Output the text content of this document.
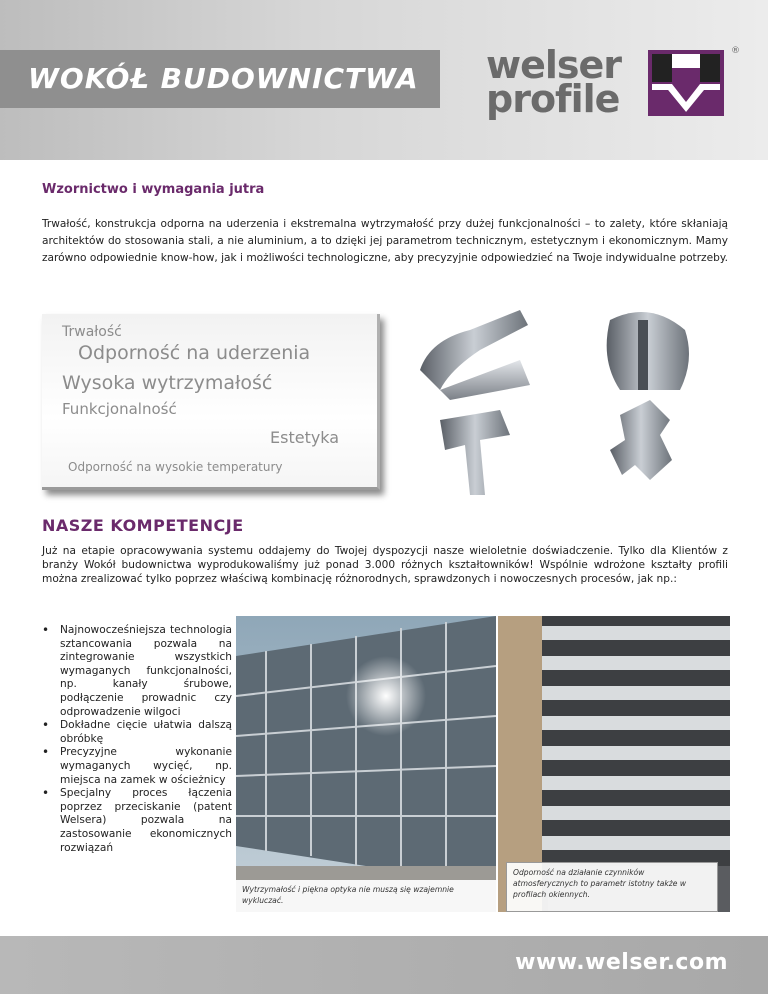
WOKÓŁ BUDOWNICTWA welser
profile
®
Wzornictwo i wymagania jutra

Trwałość, konstrukcja odporna na uderzenia i ekstremalna wytrzymałość przy dużej funkcjonalności – to zalety, które skłaniają architektów do stosowania stali, a nie aluminium, a to dzięki jej parametrom technicznym, estetycznym i ekonomicznym. Mamy zarówno odpowiednie know-how, jak i możliwości technologiczne, aby precyzyjnie odpowiedzieć na Twoje indywidualne potrzeby.

Trwałość
Odporność na uderzenia
Wysoka wytrzymałość
Funkcjonalność
Estetyka
Odporność na wysokie temperatury
NASZE KOMPETENCJE

Już na etapie opracowywania systemu oddajemy do Twojej dyspozycji nasze wieloletnie doświadczenie. Tylko dla Klientów z branży Wokół budownictwa wyprodukowaliśmy już ponad 3.000 różnych kształtowników! Wspólnie wdrożone kształty profili można zrealizować tylko poprzez właściwą kombinację różnorodnych, sprawdzonych i nowoczesnych procesów, jak np.:

• Najnowocześniejsza technologia sztancowania pozwala na zintegrowanie wszystkich wymaganych funkcjonalności, np. kanały śrubowe, podłączenie prowadnic czy odprowadzenie wilgoci
• Dokładne cięcie ułatwia dalszą obróbkę
• Precyzyjne wykonanie wymaganych wycięć, np. miejsca na zamek w ościeżnicy
• Specjalny proces łączenia poprzez przeciskanie (patent Welsera) pozwala na zastosowanie ekonomicznych rozwiązań
Wytrzymałość i piękna optyka nie muszą się wzajemnie wykluczać.
Odporność na działanie czynników atmosferycznych to parametr istotny także w profilach okiennych.
www.welser.com
